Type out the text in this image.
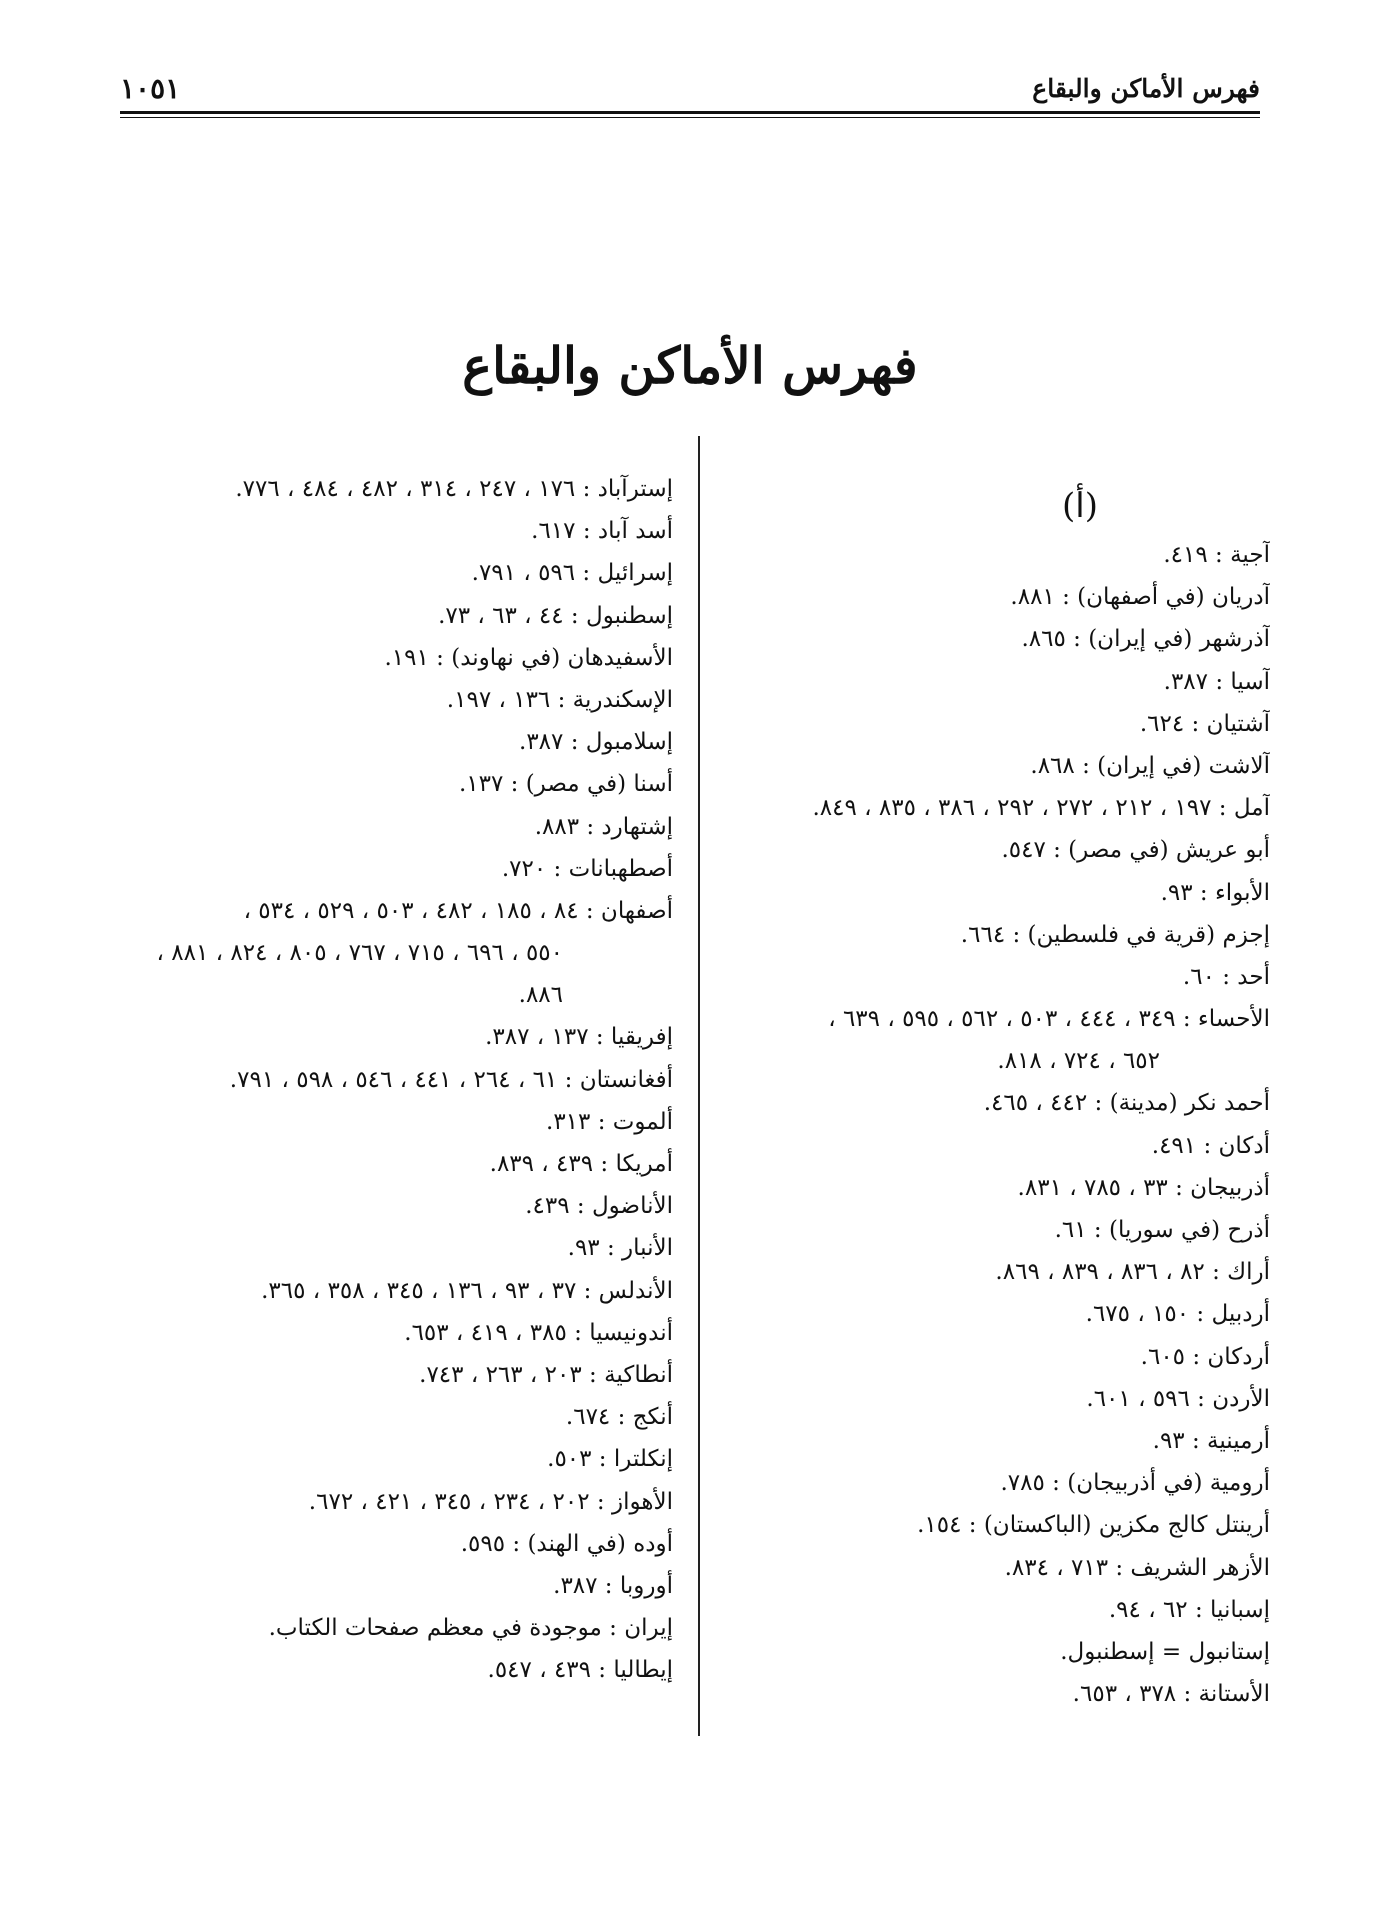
فهرس الأماكن والبقاع
١٠٥١
فهرس الأماكن والبقاع
(أ)
آجية : ٤١٩.
آدريان (في أصفهان) : ٨٨١.
آذرشهر (في إيران) : ٨٦٥.
آسيا : ٣٨٧.
آشتيان : ٦٢٤.
آلاشت (في إيران) : ٨٦٨.
آمل : ١٩٧ ، ٢١٢ ، ٢٧٢ ، ٢٩٢ ، ٣٨٦ ، ٨٣٥ ، ٨٤٩.
أبو عريش (في مصر) : ٥٤٧.
الأبواء : ٩٣.
إجزم (قرية في فلسطين) : ٦٦٤.
أحد : ٦٠.
الأحساء : ٣٤٩ ، ٤٤٤ ، ٥٠٣ ، ٥٦٢ ، ٥٩٥ ، ٦٣٩ ،
٦٥٢ ، ٧٢٤ ، ٨١٨.
أحمد نكر (مدينة) : ٤٤٢ ، ٤٦٥.
أدكان : ٤٩١.
أذربيجان : ٣٣ ، ٧٨٥ ، ٨٣١.
أذرح (في سوريا) : ٦١.
أراك : ٨٢ ، ٨٣٦ ، ٨٣٩ ، ٨٦٩.
أردبيل : ١٥٠ ، ٦٧٥.
أردكان : ٦٠٥.
الأردن : ٥٩٦ ، ٦٠١.
أرمينية : ٩٣.
أرومية (في أذربيجان) : ٧٨٥.
أرينتل كالج مكزين (الباكستان) : ١٥٤.
الأزهر الشريف : ٧١٣ ، ٨٣٤.
إسبانيا : ٦٢ ، ٩٤.
إستانبول = إسطنبول.
الأستانة : ٣٧٨ ، ٦٥٣.
إسترآباد : ١٧٦ ، ٢٤٧ ، ٣١٤ ، ٤٨٢ ، ٤٨٤ ، ٧٧٦.
أسد آباد : ٦١٧.
إسرائيل : ٥٩٦ ، ٧٩١.
إسطنبول : ٤٤ ، ٦٣ ، ٧٣.
الأسفيدهان (في نهاوند) : ١٩١.
الإسكندرية : ١٣٦ ، ١٩٧.
إسلامبول : ٣٨٧.
أسنا (في مصر) : ١٣٧.
إشتهارد : ٨٨٣.
أصطهبانات : ٧٢٠.
أصفهان : ٨٤ ، ١٨٥ ، ٤٨٢ ، ٥٠٣ ، ٥٢٩ ، ٥٣٤ ،
٥٥٠ ، ٦٩٦ ، ٧١٥ ، ٧٦٧ ، ٨٠٥ ، ٨٢٤ ، ٨٨١ ،
٨٨٦.
إفريقيا : ١٣٧ ، ٣٨٧.
أفغانستان : ٦١ ، ٢٦٤ ، ٤٤١ ، ٥٤٦ ، ٥٩٨ ، ٧٩١.
ألموت : ٣١٣.
أمريكا : ٤٣٩ ، ٨٣٩.
الأناضول : ٤٣٩.
الأنبار : ٩٣.
الأندلس : ٣٧ ، ٩٣ ، ١٣٦ ، ٣٤٥ ، ٣٥٨ ، ٣٦٥.
أندونيسيا : ٣٨٥ ، ٤١٩ ، ٦٥٣.
أنطاكية : ٢٠٣ ، ٢٦٣ ، ٧٤٣.
أنكج : ٦٧٤.
إنكلترا : ٥٠٣.
الأهواز : ٢٠٢ ، ٢٣٤ ، ٣٤٥ ، ٤٢١ ، ٦٧٢.
أوده (في الهند) : ٥٩٥.
أوروبا : ٣٨٧.
إيران : موجودة في معظم صفحات الكتاب.
إيطاليا : ٤٣٩ ، ٥٤٧.
